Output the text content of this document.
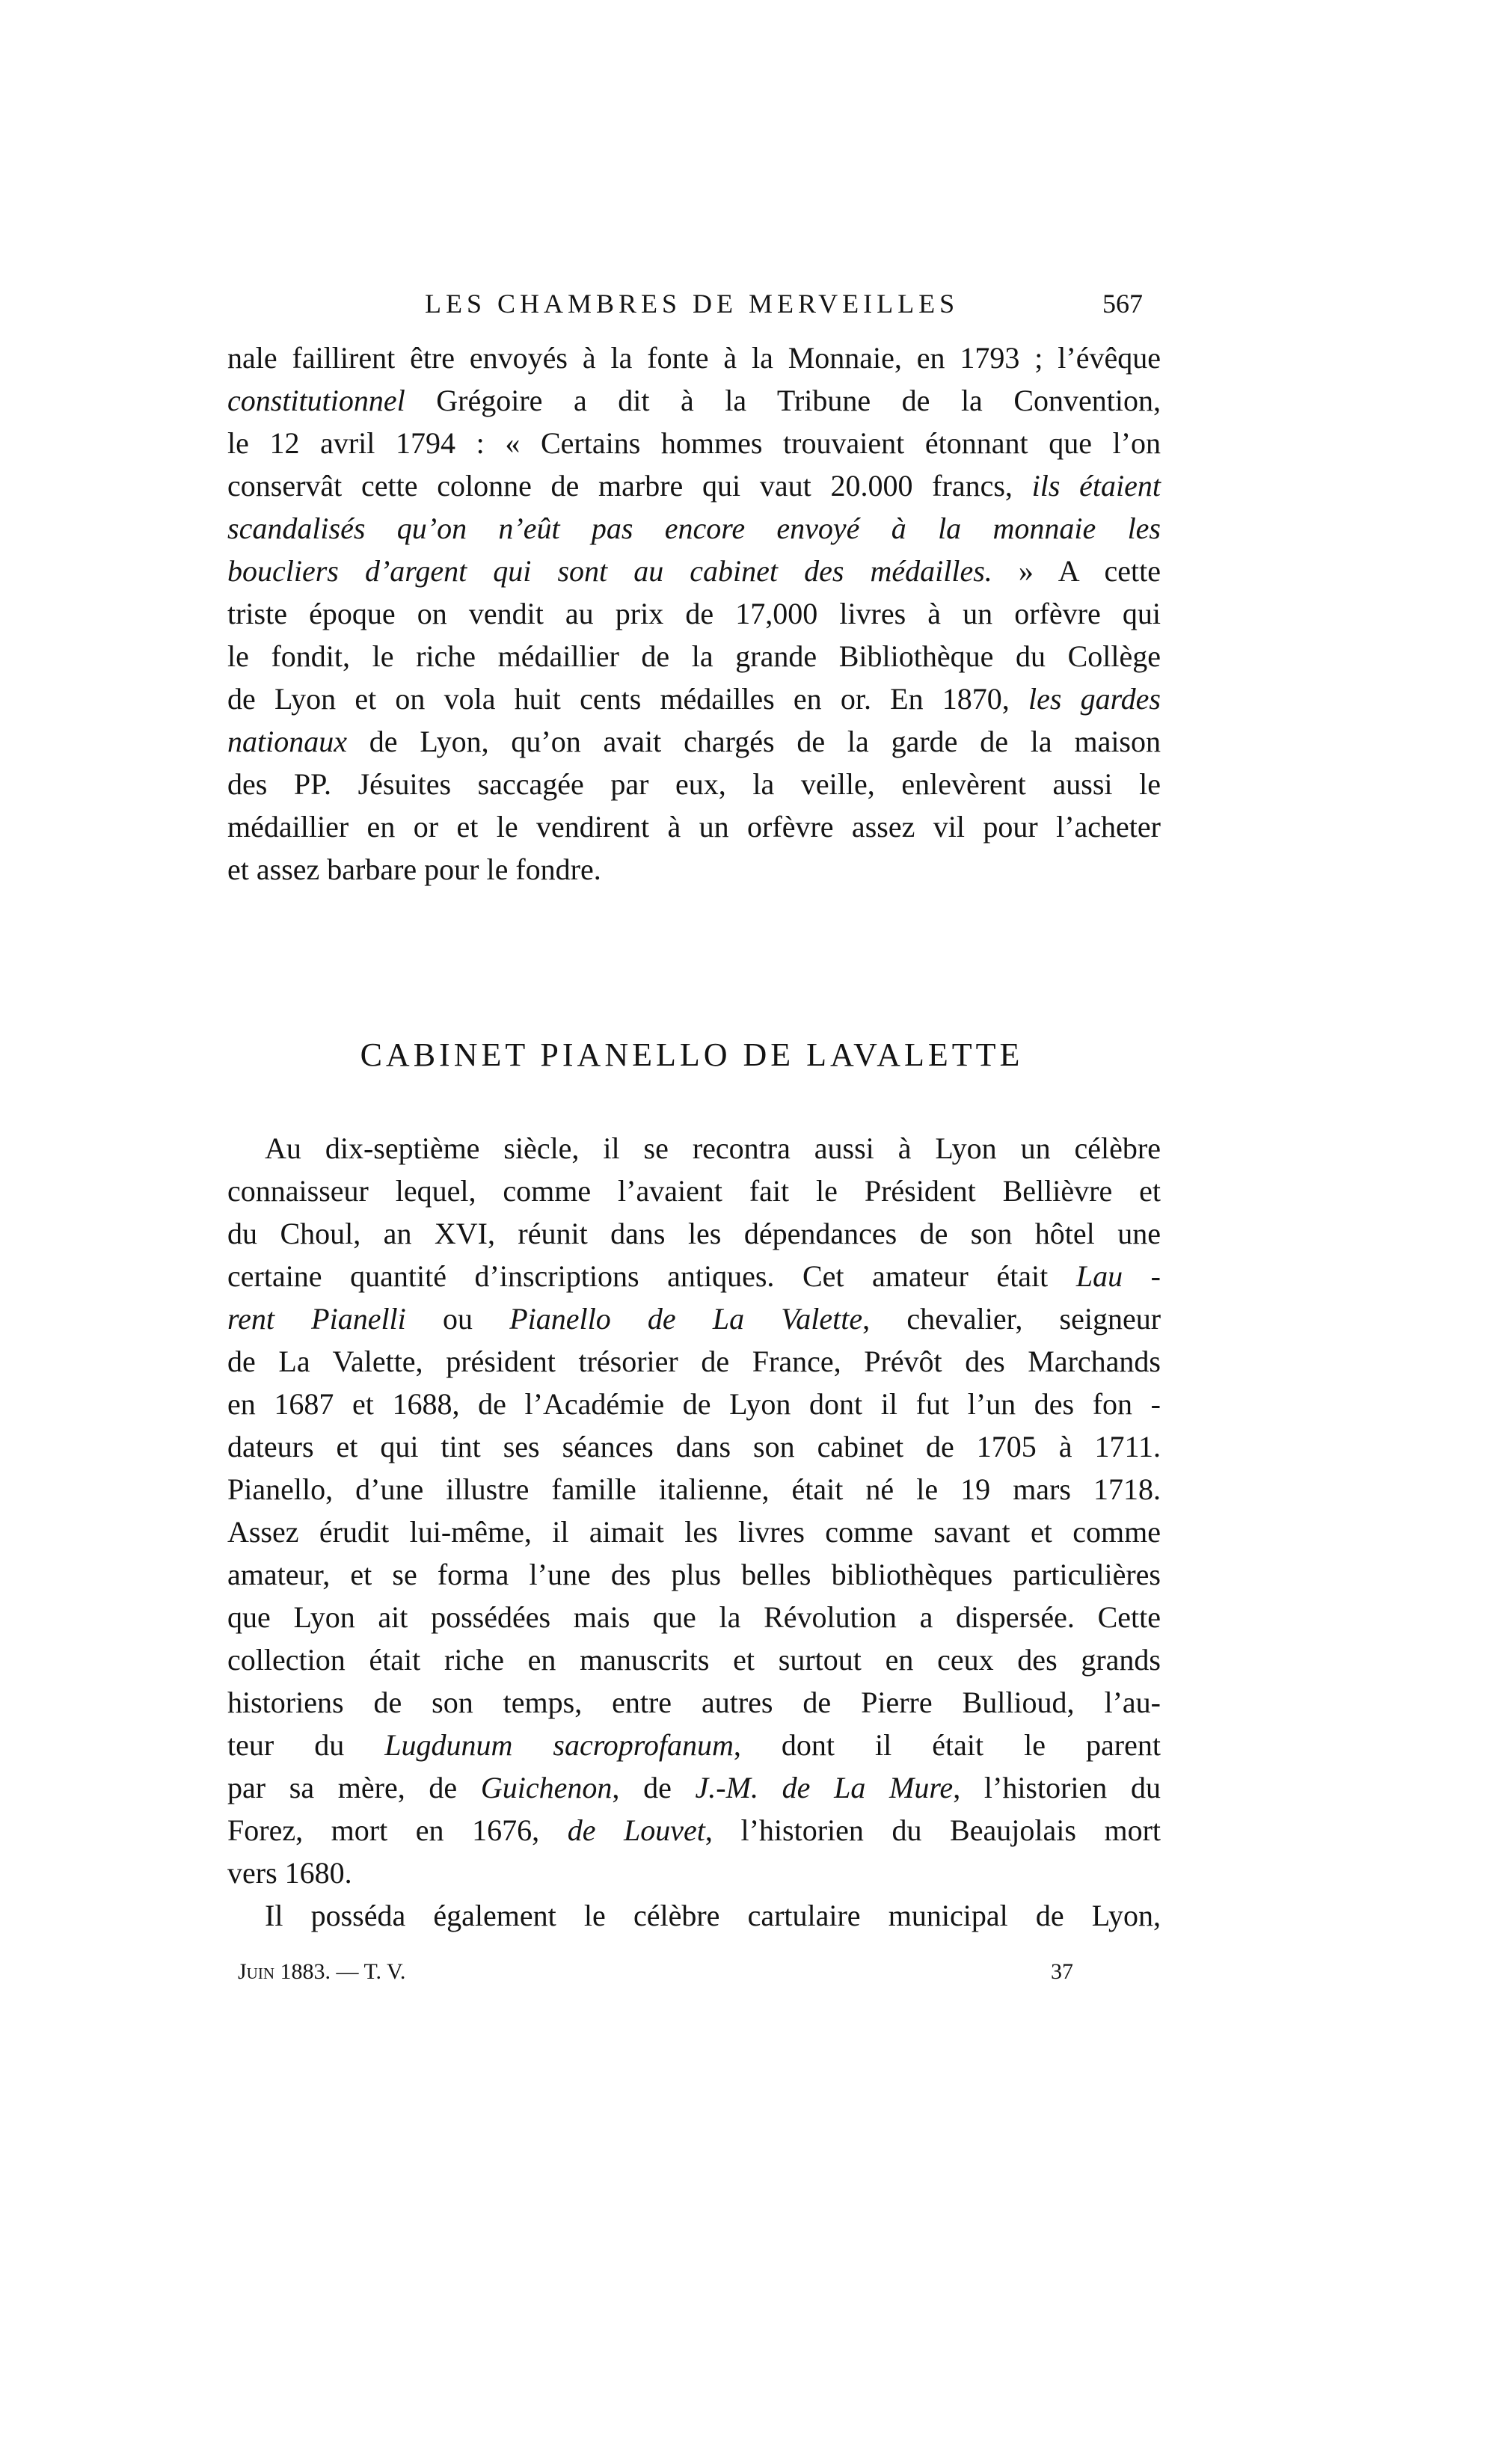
LES CHAMBRES DE MERVEILLES	567
nale faillirent être envoyés à la fonte à la Monnaie, en 1793 ; l’évêque
constitutionnel Grégoire a dit à la Tribune de la Convention,
le 12 avril 1794 : « Certains hommes trouvaient étonnant que l’on
conservât cette colonne de marbre qui vaut 20.000 francs, ils étaient
scandalisés qu’on n’eût pas encore envoyé à la monnaie les
boucliers d’argent qui sont au cabinet des médailles. » A cette
triste époque on vendit au prix de 17,000 livres à un orfèvre qui
le fondit, le riche médaillier de la grande Bibliothèque du Collège
de Lyon et on vola huit cents médailles en or. En 1870, les gardes
nationaux de Lyon, qu’on avait chargés de la garde de la maison
des PP. Jésuites saccagée par eux, la veille, enlevèrent aussi le
médaillier en or et le vendirent à un orfèvre assez vil pour l’acheter
et assez barbare pour le fondre.
CABINET PIANELLO DE LAVALETTE
Au dix-septième siècle, il se recontra aussi à Lyon un célèbre
connaisseur lequel, comme l’avaient fait le Président Bellièvre et
du Choul, an XVI, réunit dans les dépendances de son hôtel une
certaine quantité d’inscriptions antiques. Cet amateur était Lau -
rent Pianelli ou Pianello de La Valette, chevalier, seigneur
de La Valette, président trésorier de France, Prévôt des Marchands
en 1687 et 1688, de l’Académie de Lyon dont il fut l’un des fon -
dateurs et qui tint ses séances dans son cabinet de 1705 à 1711.
Pianello, d’une illustre famille italienne, était né le 19 mars 1718.
Assez érudit lui-même, il aimait les livres comme savant et comme
amateur, et se forma l’une des plus belles bibliothèques particulières
que Lyon ait possédées mais que la Révolution a dispersée. Cette
collection était riche en manuscrits et surtout en ceux des grands
historiens de son temps, entre autres de Pierre Bullioud, l’au-
teur du Lugdunum sacroprofanum, dont il était le parent
par sa mère, de Guichenon, de J.-M. de La Mure, l’historien du
Forez, mort en 1676, de Louvet, l’historien du Beaujolais mort
vers 1680.
Il posséda également le célèbre cartulaire municipal de Lyon,
Juin 1883. — T. V.	37
